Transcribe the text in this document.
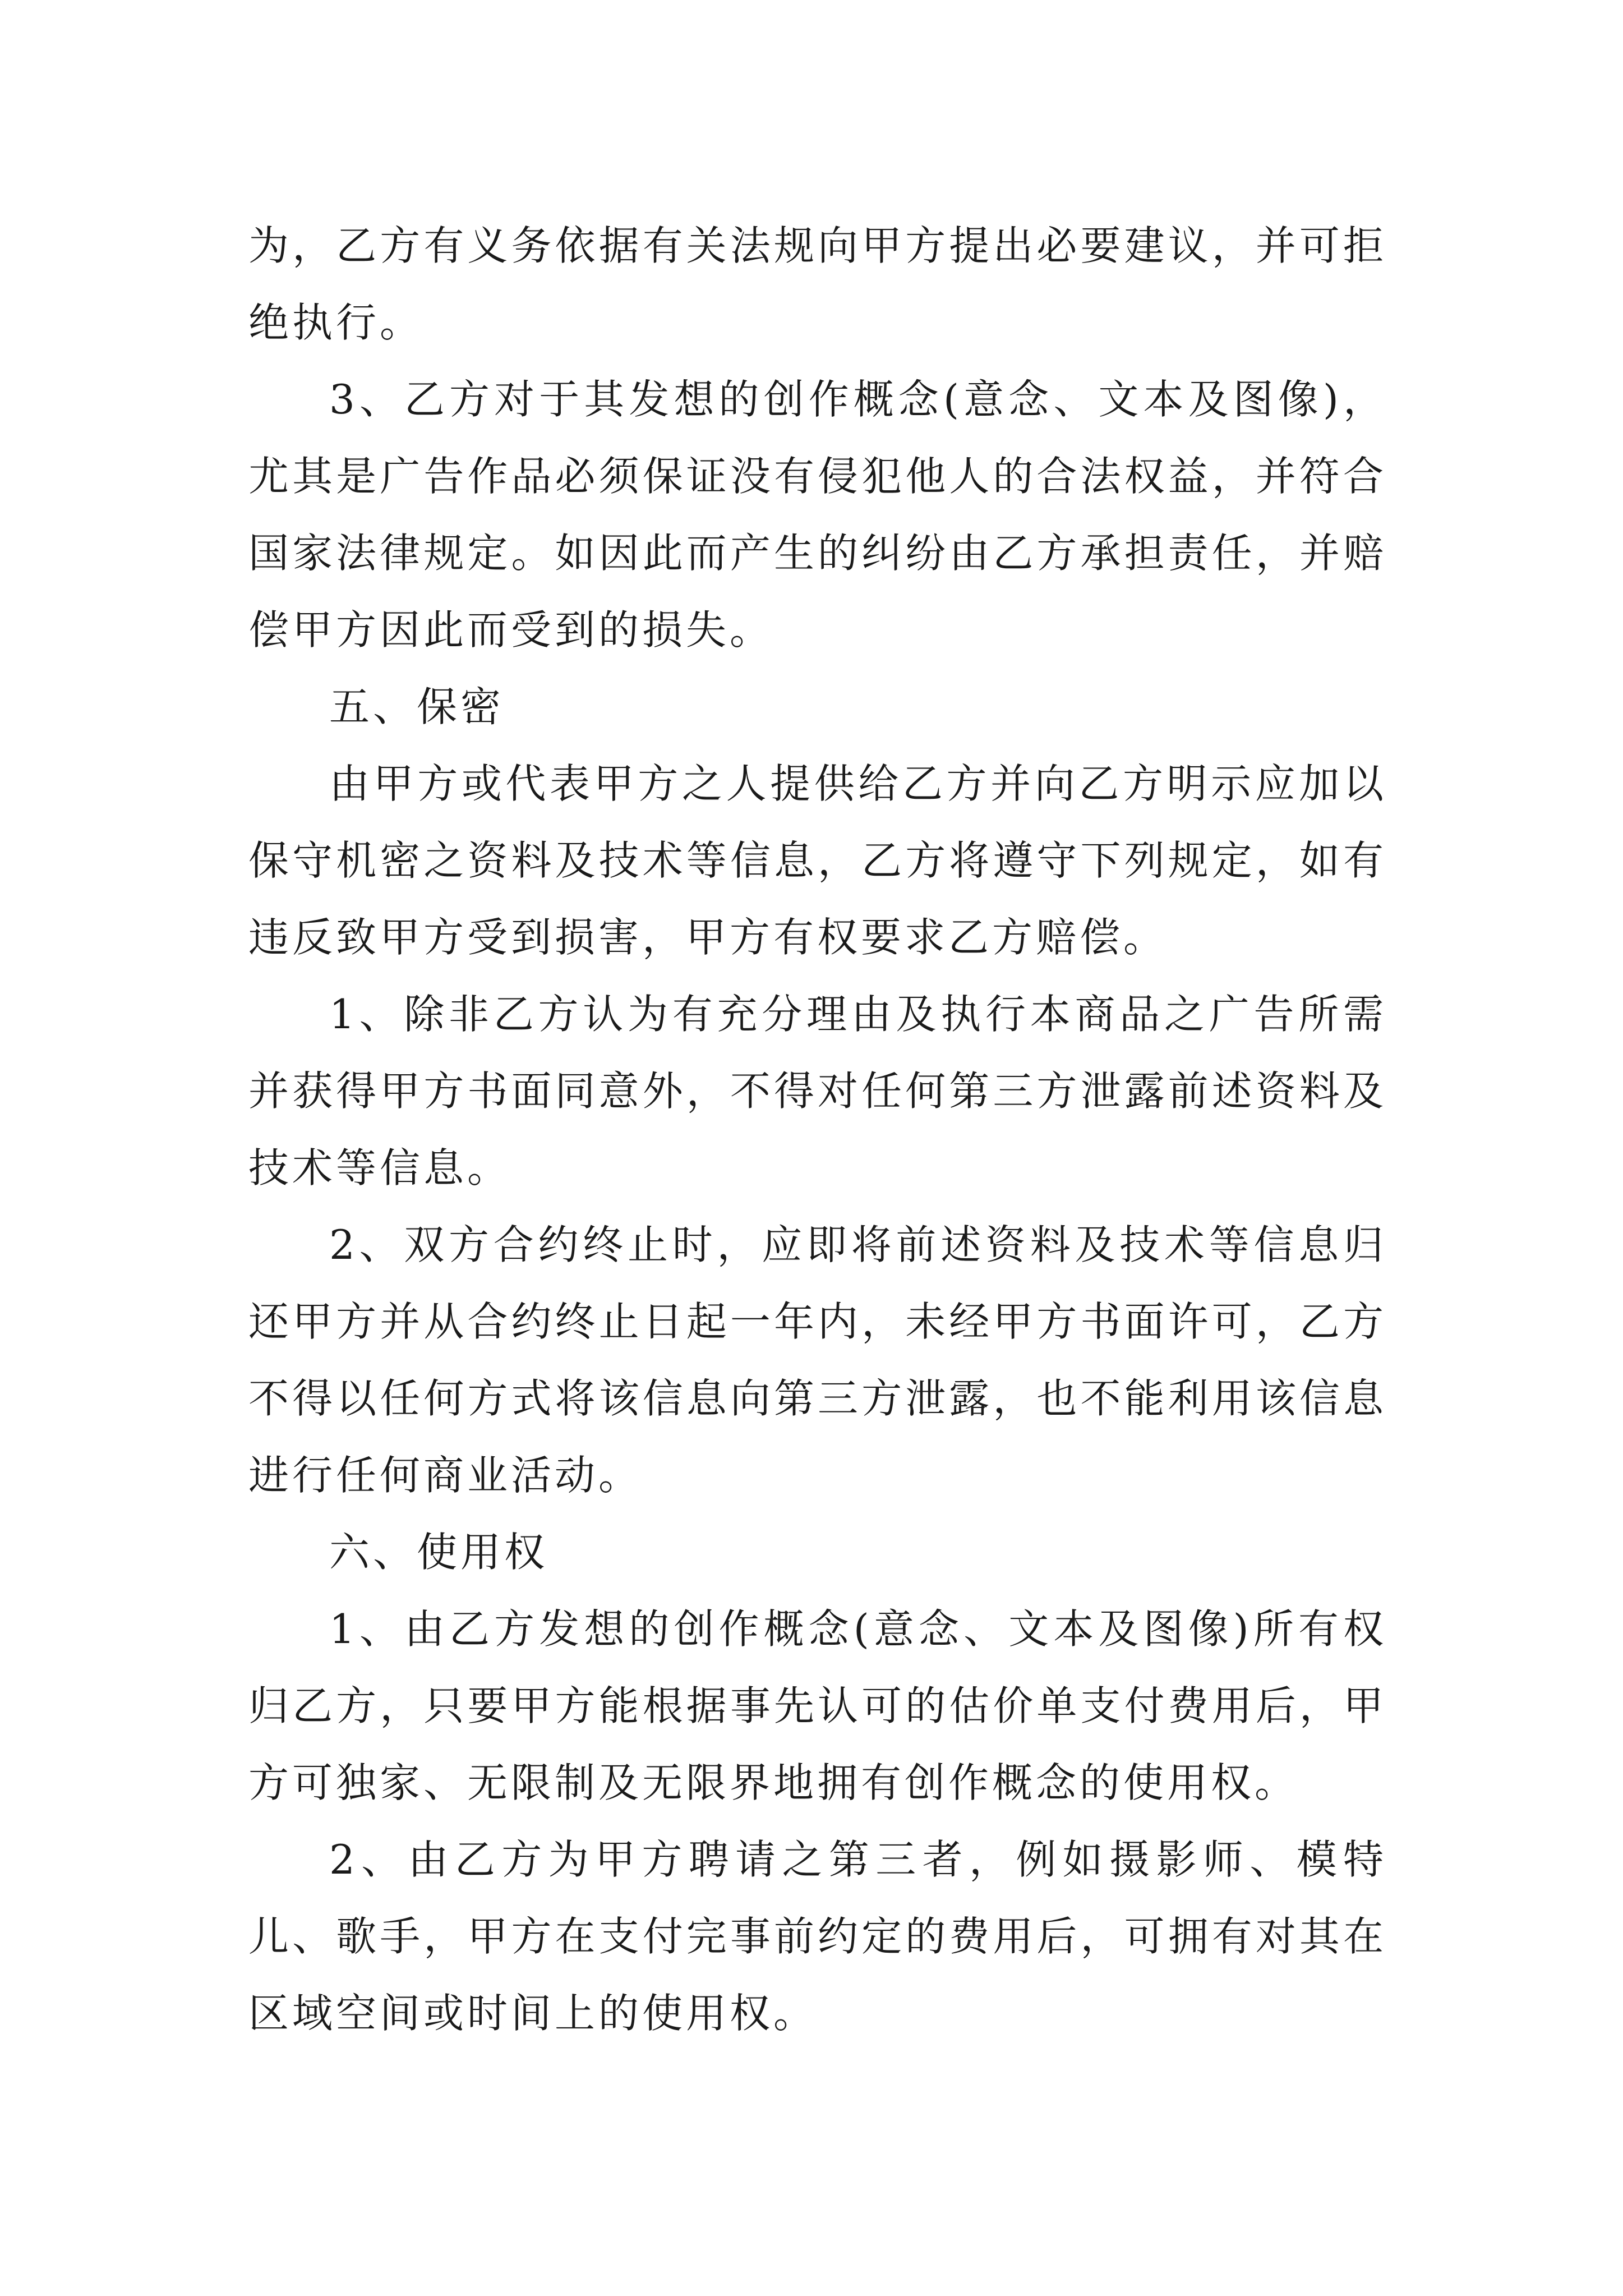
为，乙方有义务依据有关法规向甲方提出必要建议，并可拒绝执行。

3、乙方对于其发想的创作概念(意念、文本及图像)，尤其是广告作品必须保证没有侵犯他人的合法权益，并符合国家法律规定。如因此而产生的纠纷由乙方承担责任，并赔偿甲方因此而受到的损失。

五、保密

由甲方或代表甲方之人提供给乙方并向乙方明示应加以保守机密之资料及技术等信息，乙方将遵守下列规定，如有违反致甲方受到损害，甲方有权要求乙方赔偿。

1、除非乙方认为有充分理由及执行本商品之广告所需并获得甲方书面同意外，不得对任何第三方泄露前述资料及技术等信息。

2、双方合约终止时，应即将前述资料及技术等信息归还甲方并从合约终止日起一年内，未经甲方书面许可，乙方不得以任何方式将该信息向第三方泄露，也不能利用该信息进行任何商业活动。

六、使用权

1、由乙方发想的创作概念(意念、文本及图像)所有权归乙方，只要甲方能根据事先认可的估价单支付费用后，甲方可独家、无限制及无限界地拥有创作概念的使用权。

2、由乙方为甲方聘请之第三者，例如摄影师、模特儿、歌手，甲方在支付完事前约定的费用后，可拥有对其在区域空间或时间上的使用权。
